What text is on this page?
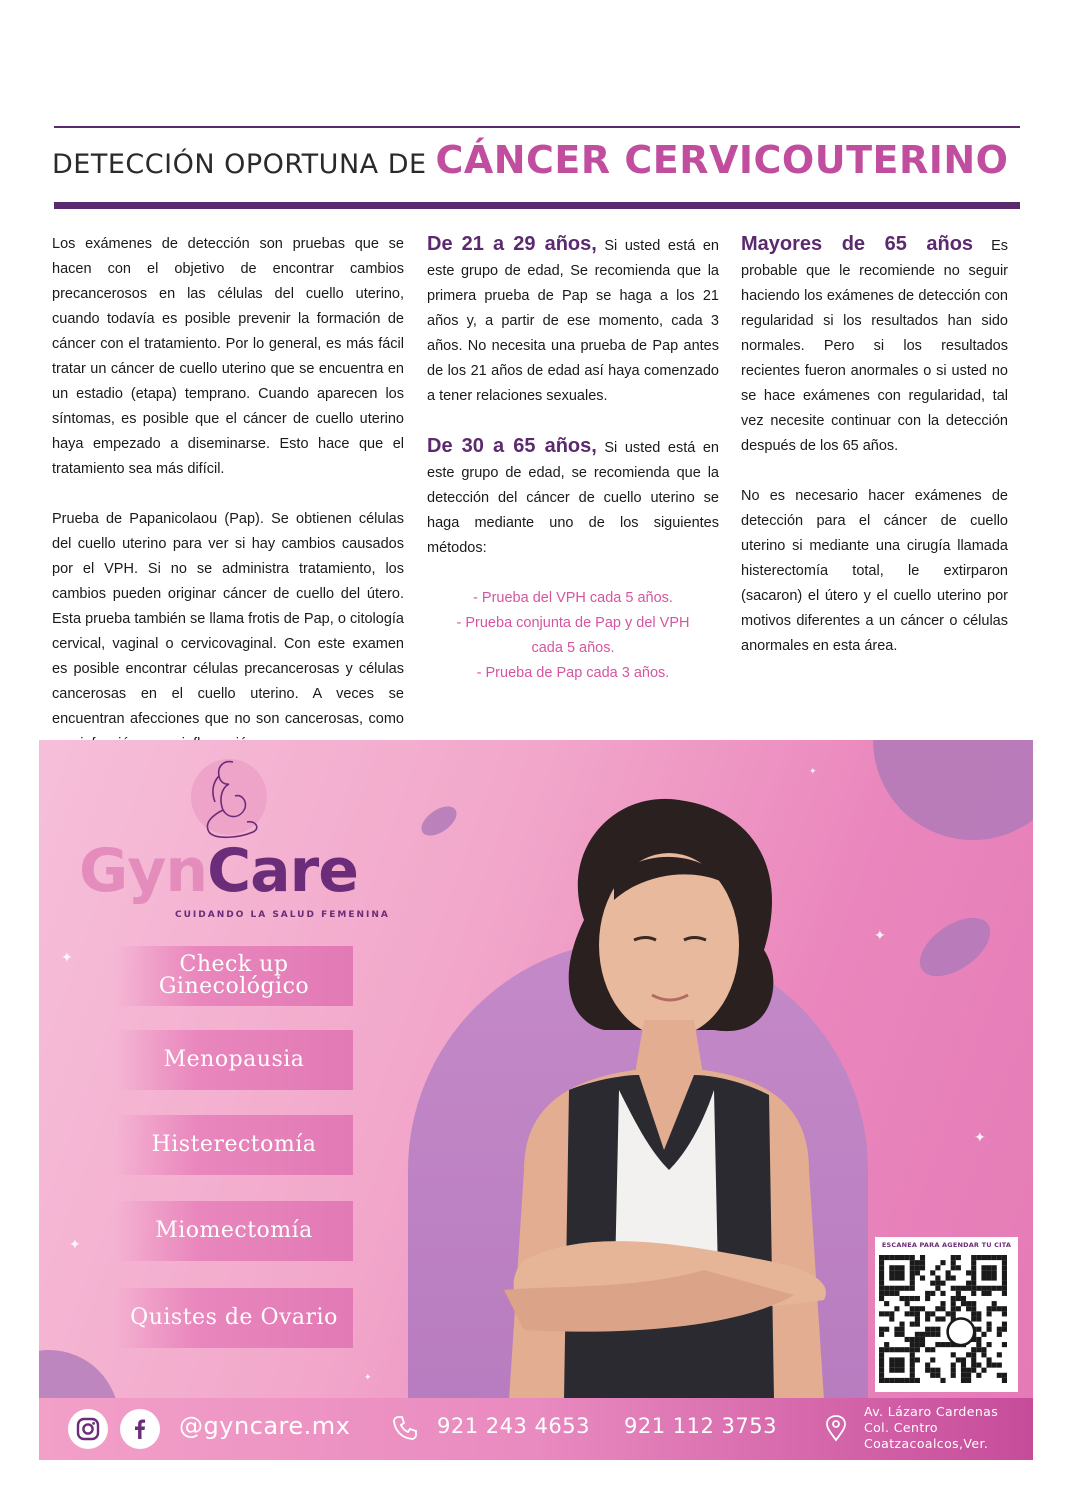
DETECCIÓN OPORTUNA DE CÁNCER CERVICOUTERINO

Los exámenes de detección son pruebas que se hacen con el objetivo de encontrar cambios precancerosos en las células del cuello uterino, cuando todavía es posible prevenir la formación de cáncer con el tratamiento. Por lo general, es más fácil tratar un cáncer de cuello uterino que se encuentra en un estadio (etapa) temprano. Cuando aparecen los síntomas, es posible que el cáncer de cuello uterino haya empezado a diseminarse. Esto hace que el tratamiento sea más difícil.

Prueba de Papanicolaou (Pap). Se obtienen células del cuello uterino para ver si hay cambios causados por el VPH. Si no se administra tratamiento, los cambios pueden originar cáncer de cuello del útero. Esta prueba también se llama frotis de Pap, o citología cervical, vaginal o cervicovaginal. Con este examen es posible encontrar células precancerosas y células cancerosas en el cuello uterino. A veces se encuentran afecciones que no son cancerosas, como

De 21 a 29 años, Si usted está en este grupo de edad, Se recomienda que la primera prueba de Pap se haga a los 21 años y, a partir de ese momento, cada 3 años. No necesita una prueba de Pap antes de los 21 años de edad así haya comenzado a tener relaciones sexuales.

De 30 a 65 años, Si usted está en este grupo de edad, se recomienda que la detección del cáncer de cuello uterino se haga mediante uno de los siguientes métodos:

- Prueba del VPH cada 5 años.
- Prueba conjunta de Pap y del VPH cada 5 años.
- Prueba de Pap cada 3 años.

Mayores de 65 años Es probable que le recomiende no seguir haciendo los exámenes de detección con regularidad si los resultados han sido normales. Pero si los resultados recientes fueron anormales o si usted no se hace exámenes con regularidad, tal vez necesite continuar con la detección después de los 65 años.

No es necesario hacer exámenes de detección para el cáncer de cuello uterino si mediante una cirugía llamada histerectomía total, le extirparon (sacaron) el útero y el cuello uterino por motivos diferentes a un cáncer o células anormales en esta área.

✦
✦
✦
✦
✦
✦
GynCare
CUIDANDO LA SALUD FEMENINA
Check up
Ginecológico
Menopausia
Histerectomía
Miomectomía
Quistes de Ovario
ESCANEA PARA AGENDAR TU CITA
@gyncare.mx	921 243 4653 921 112 3753
Av. Lázaro Cardenas
Col. Centro
Coatzacoalcos,Ver.
